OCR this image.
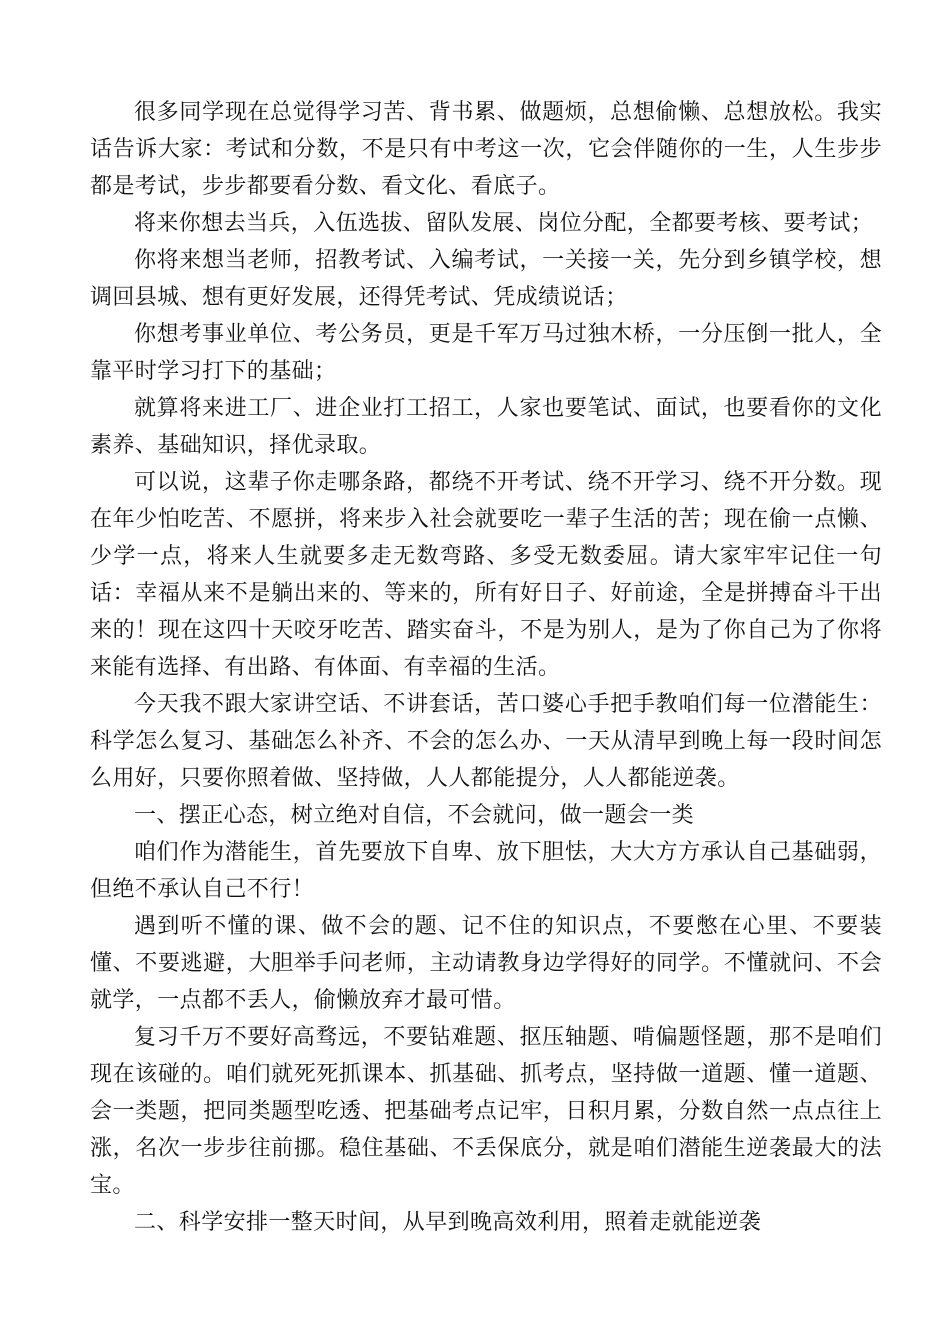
很多同学现在总觉得学习苦、背书累、做题烦，总想偷懒、总想放松。我实话告诉大家：考试和分数，不是只有中考这一次，它会伴随你的一生，人生步步都是考试，步步都要看分数、看文化、看底子。

将来你想去当兵，入伍选拔、留队发展、岗位分配，全都要考核、要考试；

你将来想当老师，招教考试、入编考试，一关接一关，先分到乡镇学校，想调回县城、想有更好发展，还得凭考试、凭成绩说话；

你想考事业单位、考公务员，更是千军万马过独木桥，一分压倒一批人，全靠平时学习打下的基础；

就算将来进工厂、进企业打工招工，人家也要笔试、面试，也要看你的文化素养、基础知识，择优录取。

可以说，这辈子你走哪条路，都绕不开考试、绕不开学习、绕不开分数。现在年少怕吃苦、不愿拼，将来步入社会就要吃一辈子生活的苦；现在偷一点懒、少学一点，将来人生就要多走无数弯路、多受无数委屈。请大家牢牢记住一句话：幸福从来不是躺出来的、等来的，所有好日子、好前途，全是拼搏奋斗干出来的！现在这四十天咬牙吃苦、踏实奋斗，不是为别人，是为了你自己为了你将来能有选择、有出路、有体面、有幸福的生活。

今天我不跟大家讲空话、不讲套话，苦口婆心手把手教咱们每一位潜能生：科学怎么复习、基础怎么补齐、不会的怎么办、一天从清早到晚上每一段时间怎么用好，只要你照着做、坚持做，人人都能提分，人人都能逆袭。

一、摆正心态，树立绝对自信，不会就问，做一题会一类

咱们作为潜能生，首先要放下自卑、放下胆怯，大大方方承认自己基础弱，但绝不承认自己不行！

遇到听不懂的课、做不会的题、记不住的知识点，不要憋在心里、不要装懂、不要逃避，大胆举手问老师，主动请教身边学得好的同学。不懂就问、不会就学，一点都不丢人，偷懒放弃才最可惜。

复习千万不要好高骛远，不要钻难题、抠压轴题、啃偏题怪题，那不是咱们现在该碰的。咱们就死死抓课本、抓基础、抓考点，坚持做一道题、懂一道题、会一类题，把同类题型吃透、把基础考点记牢，日积月累，分数自然一点点往上涨，名次一步步往前挪。稳住基础、不丢保底分，就是咱们潜能生逆袭最大的法宝。

二、科学安排一整天时间，从早到晚高效利用，照着走就能逆袭
